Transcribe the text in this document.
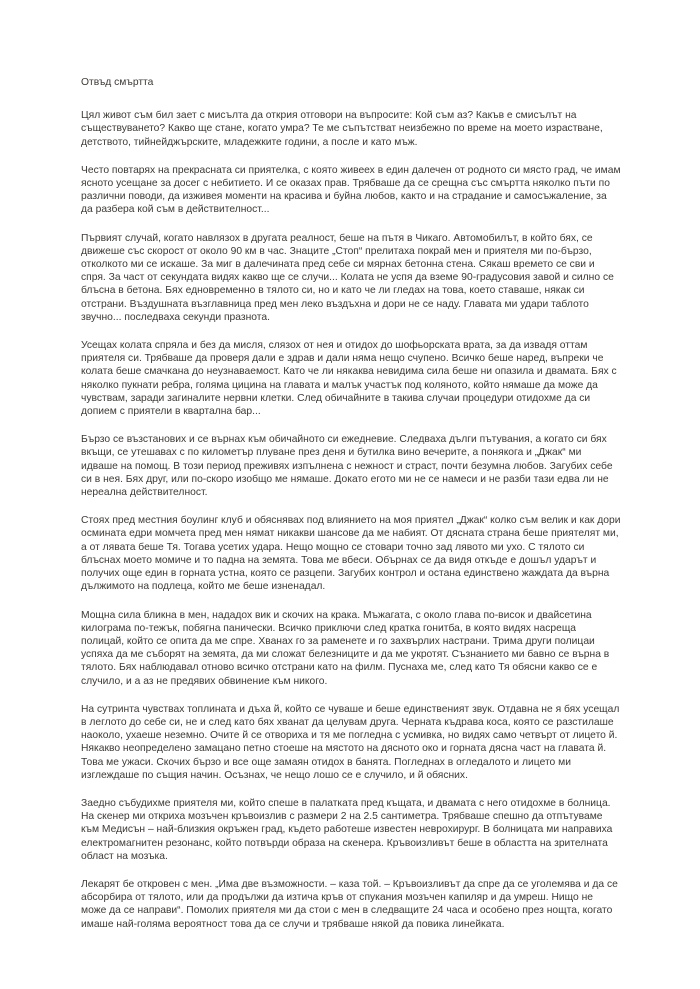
Отвъд смъртта

Цял живот съм бил зает с мисълта да открия отговори на въпросите: Кой съм аз? Какъв е смисълът на съществуването? Какво ще стане, когато умра? Те ме съпътстват неизбежно по време на моето израстване, детството, тийнейджърските, младежките години, а после и като мъж.

Често повтарях на прекрасната си приятелка, с която живеех в един далечен от родното си място град, че имам ясното усещане за досег с небитието. И се оказах прав. Трябваше да се срещна със смъртта няколко пъти по различни поводи, да изживея моменти на красива и буйна любов, както и на страдание и самосъжаление, за да разбера кой съм в действителност...

Първият случай, когато навлязох в другата реалност, беше на пътя в Чикаго. Автомобилът, в който бях, се движеше със скорост от около 90 км в час. Знаците „Стоп“ прелитаха покрай мен и приятеля ми по-бързо, отколкото ми се искаше. За миг в далечината пред себе си мярнах бетонна стена. Сякаш времето се сви и спря. За част от секундата видях какво ще се случи... Колата не успя да вземе 90-градусовия завой и силно се блъсна в бетона. Бях едновременно в тялото си, но и като че ли гледах на това, което ставаше, някак си отстрани. Въздушната възглавница пред мен леко въздъхна и дори не се наду. Главата ми удари таблото звучно... последваха секунди празнота.

Усещах колата спряла и без да мисля, слязох от нея и отидох до шофьорската врата, за да извадя оттам приятеля си. Трябваше да проверя дали е здрав и дали няма нещо счупено. Всичко беше наред, въпреки че колата беше смачкана до неузнаваемост. Като че ли някаква невидима сила беше ни опазила и двамата. Бях с няколко пукнати ребра, голяма цицина на главата и малък участък под коляното, който нямаше да може да чувствам, заради загиналите нервни клетки. След обичайните в такива случаи процедури отидохме да си допием с приятели в квартална бар...

Бързо се възстанових и се върнах към обичайното си ежедневие. Следваха дълги пътувания, а когато си бях вкъщи, се утешавах с по километър плуване през деня и бутилка вино вечерите, а понякога и „Джак“ ми идваше на помощ. В този период преживях изпълнена с нежност и страст, почти безумна любов. Загубих себе си в нея. Бях друг, или по-скоро изобщо ме нямаше. Докато егото ми не се намеси и не разби тази едва ли не нереална действителност.

Стоях пред местния боулинг клуб и обяснявах под влиянието на моя приятел „Джак“ колко съм велик и как дори осмината едри момчета пред мен нямат никакви шансове да ме набият. От дясната страна беше приятелят ми, а от лявата беше Тя. Тогава усетих удара. Нещо мощно се стовари точно зад лявото ми ухо. С тялото си блъснах моето момиче и то падна на земята. Това ме вбеси. Обърнах се да видя откъде е дошъл ударът и получих още един в горната устна, която се разцепи. Загубих контрол и остана единствено жаждата да върна дължимото на подлеца, който ме беше изненадал.

Мощна сила бликна в мен, нададох вик и скочих на крака. Мъжагата, с около глава по-висок и двайсетина килограма по-тежък, побягна панически. Всичко приключи след кратка гонитба, в която видях насреща полицай, който се опита да ме спре. Хванах го за раменете и го захвърлих настрани. Трима други полицаи успяха да ме съборят на земята, да ми сложат белезниците и да ме укротят. Съзнанието ми бавно се върна в тялото. Бях наблюдавал отново всичко отстрани като на филм. Пуснаха ме, след като Тя обясни какво се е случило, и а аз не предявих обвинение към никого.

На сутринта чувствах топлината и дъха й, който се чуваше и беше единственият звук. Отдавна не я бях усещал в леглото до себе си, не и след като бях хванат да целувам друга. Черната къдрава коса, която се разстилаше наоколо, ухаеше неземно. Очите й се отвориха и тя ме погледна с усмивка, но видях само четвърт от лицето й. Някакво неопределено замацано петно стоеше на мястото на дясното око и горната дясна част на главата й. Това ме ужаси. Скочих бързо и все още замаян отидох в банята. Погледнах в огледалото и лицето ми изглеждаше по същия начин. Осъзнах, че нещо лошо се е случило, и й обясних.

Заедно събудихме приятеля ми, който спеше в палатката пред къщата, и двамата с него отидохме в болница. На скенер ми откриха мозъчен кръвоизлив с размери 2 на 2.5 сантиметра. Трябваше спешно да отпътуваме към Медисън – най-близкия окръжен град, където работеше известен неврохирург. В болницата ми направиха електромагнитен резонанс, който потвърди образа на скенера. Кръвоизливът беше в областта на зрителната област на мозъка.

Лекарят бе откровен с мен. „Има две възможности. – каза той. – Кръвоизливът да спре да се уголемява и да се абсорбира от тялото, или да продължи да изтича кръв от спукания мозъчен капиляр и да умреш. Нищо не може да се направи“. Помолих приятеля ми да стои с мен в следващите 24 часа и особено през нощта, когато имаше най-голяма вероятност това да се случи и трябваше някой да повика линейката.
